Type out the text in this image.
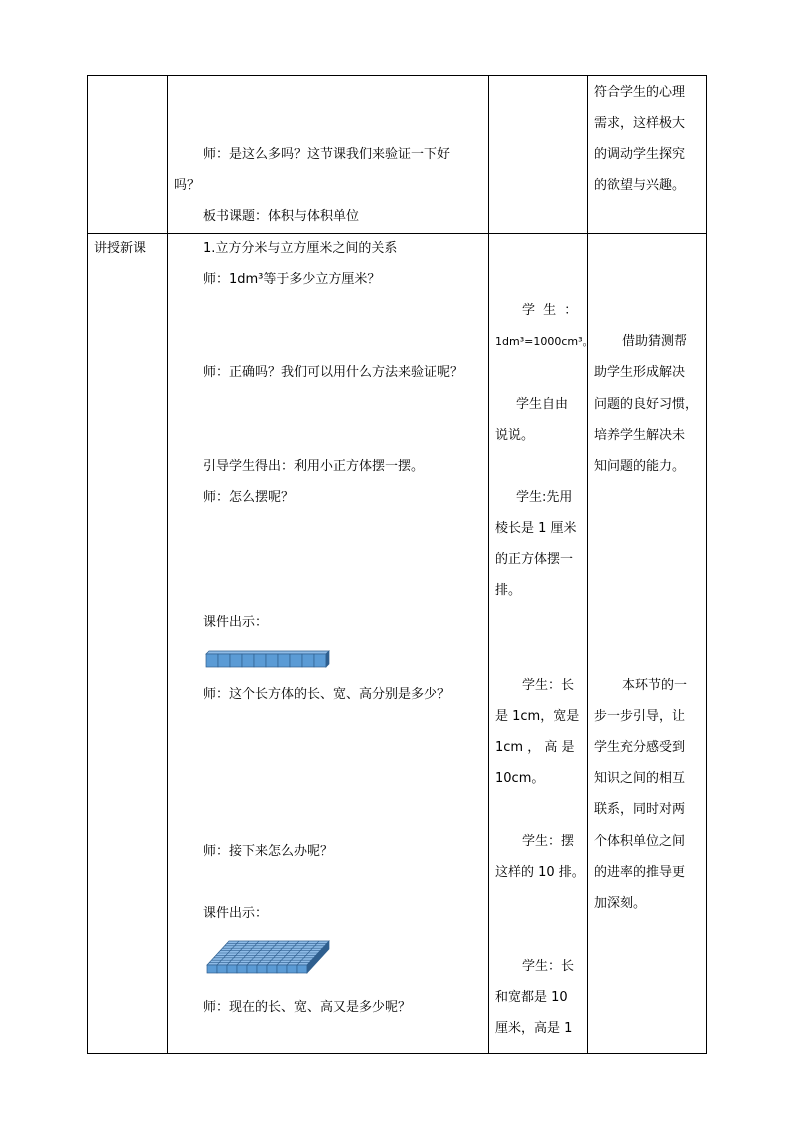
师：是这么多吗？这节课我们来验证一下好
吗？
板书课题：体积与体积单位
符合学生的心理
需求，这样极大
的调动学生探究
的欲望与兴趣。
讲授新课	1.立方分米与立方厘米之间的关系
师：1dm³等于多少立方厘米？
师：正确吗？我们可以用什么方法来验证呢？
引导学生得出：利用小正方体摆一摆。
师：怎么摆呢？
课件出示：
师：这个长方体的长、宽、高分别是多少？
师：接下来怎么办呢？
课件出示：
师：现在的长、宽、高又是多少呢？
学 生 ：
1dm³=1000cm³。
学生自由
说说。
学生:先用
棱长是 1 厘米
的正方体摆一
排。
学生：长
是 1cm，宽是
1cm ， 高 是
10cm。
学生：摆
这样的 10 排。
学生：长
和宽都是 10
厘米，高是 1
借助猜测帮
助学生形成解决
问题的良好习惯，
培养学生解决未
知问题的能力。
本环节的一
步一步引导，让
学生充分感受到
知识之间的相互
联系，同时对两
个体积单位之间
的进率的推导更
加深刻。
